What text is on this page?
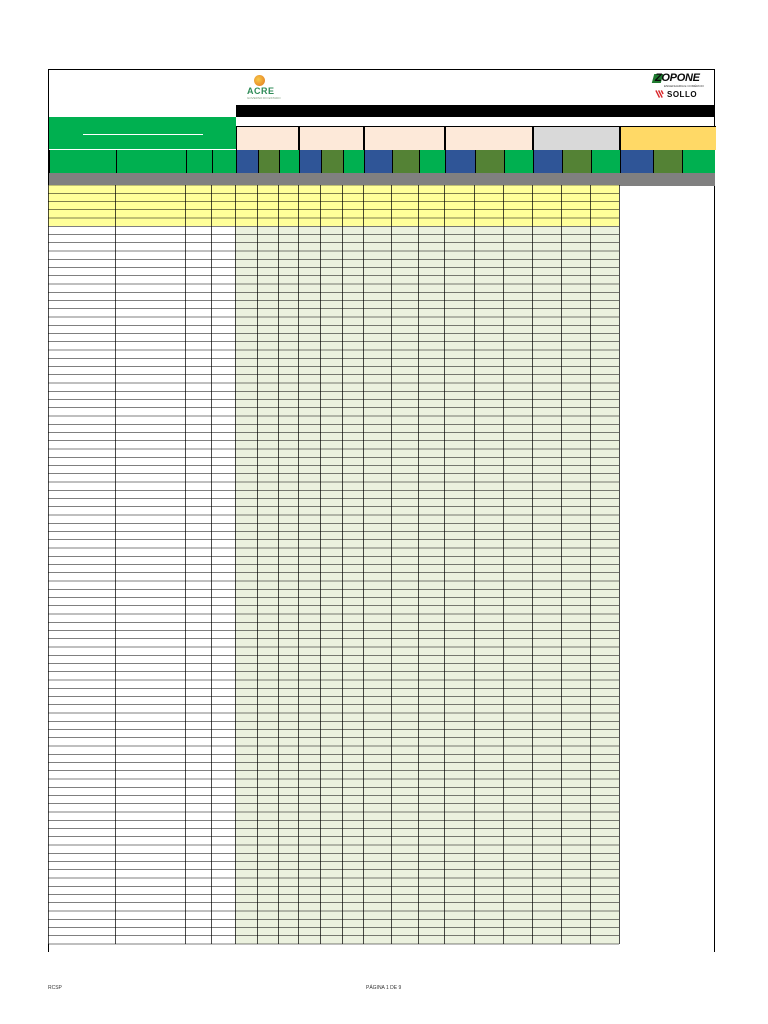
ACRE
GOVERNO DO ESTADO
ZOPONE
ENGENHARIA E COMÉRCIO
SOLLO
RCSP	PÁGINA 1 DE 9
